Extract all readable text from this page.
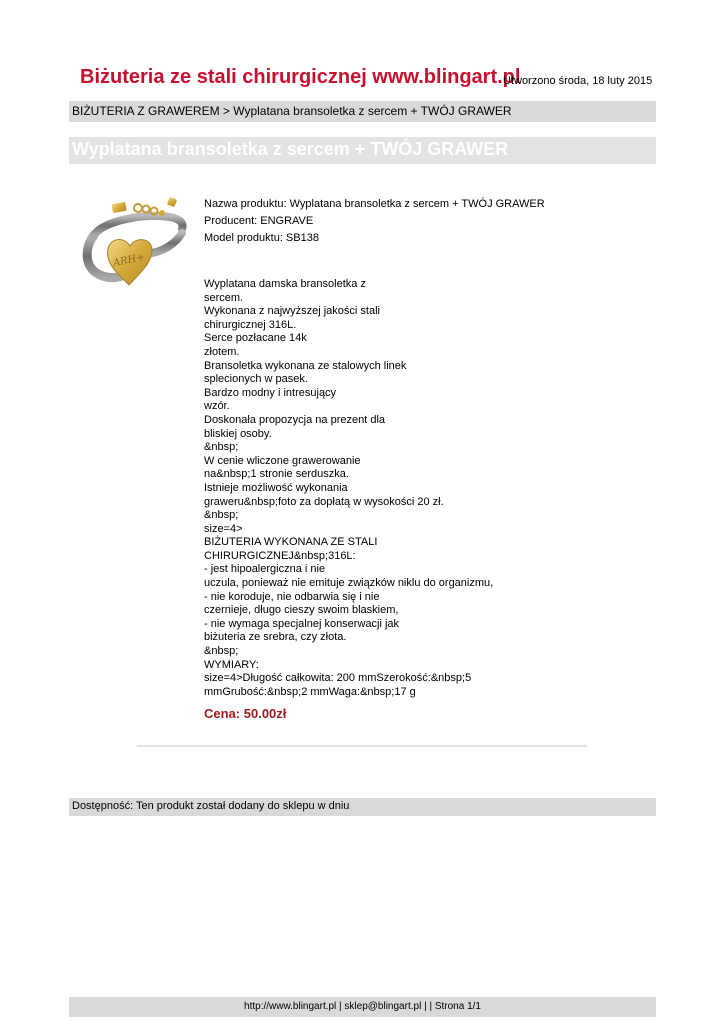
Biżuteria ze stali chirurgicznej www.blingart.pl
Utworzono środa, 18 luty 2015
BIŻUTERIA Z GRAWEREM > Wyplatana bransoletka z sercem + TWÓJ GRAWER
Wyplatana bransoletka z sercem + TWÓJ GRAWER
ARH+
Nazwa produktu: Wyplatana bransoletka z sercem + TWÓJ GRAWER
Producent: ENGRAVE
Model produktu: SB138
Wyplatana damska bransoletka z
sercem.
Wykonana z najwyższej jakości stali
chirurgicznej 316L.
Serce pozłacane 14k
złotem.
Bransoletka wykonana ze stalowych linek
splecionych w pasek.
Bardzo modny i intresujący
wzór.
Doskonała propozycja na prezent dla
bliskiej osoby.
&nbsp;
W cenie wliczone grawerowanie
na&nbsp;1 stronie serduszka.
Istnieje możliwość wykonania
graweru&nbsp;foto za dopłatą w wysokości 20 zł.
&nbsp;
size=4>
BIŻUTERIA WYKONANA ZE STALI
CHIRURGICZNEJ&nbsp;316L:
- jest hipoalergiczna i nie
uczula, ponieważ nie emituje związków niklu do organizmu,
- nie koroduje, nie odbarwia się i nie
czernieje, długo cieszy swoim blaskiem,
- nie wymaga specjalnej konserwacji jak
biżuteria ze srebra, czy złota.
&nbsp;
WYMIARY:
size=4>Długość całkowita: 200 mmSzerokość:&nbsp;5
mmGrubość:&nbsp;2 mmWaga:&nbsp;17 g
Cena: 50.00zł
Dostępność: Ten produkt został dodany do sklepu w dniu
http://www.blingart.pl | sklep@blingart.pl | | Strona 1/1
